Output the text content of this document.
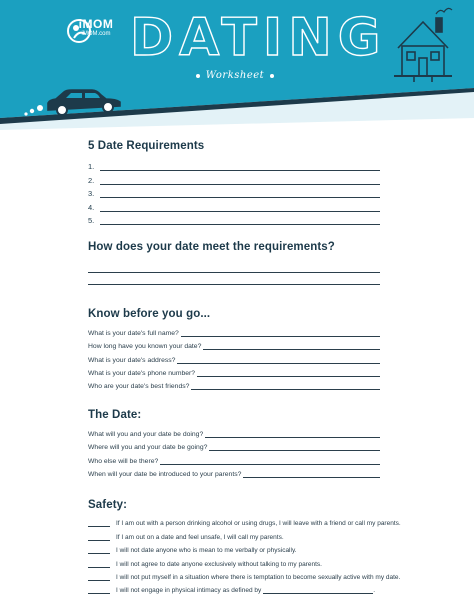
iMOM
iMOM.com DATING
Worksheet
5 Date Requirements
1.
2.
3.
4.
5.
How does your date meet the requirements?
Know before you go...
What is your date's full name?
How long have you known your date?
What is your date's address?
What is your date's phone number?
Who are your date's best friends?
The Date:
What will you and your date be doing?
Where will you and your date be going?
Who else will be there?
When will your date be introduced to your parents?
Safety:
If I am out with a person drinking alcohol or using drugs, I will leave with a friend or call my parents.
If I am out on a date and feel unsafe, I will call my parents.
I will not date anyone who is mean to me verbally or physically.
I will not agree to date anyone exclusively without talking to my parents.
I will not put myself in a situation where there is temptation to become sexually active with my date.
I will not engage in physical intimacy as defined by	.
